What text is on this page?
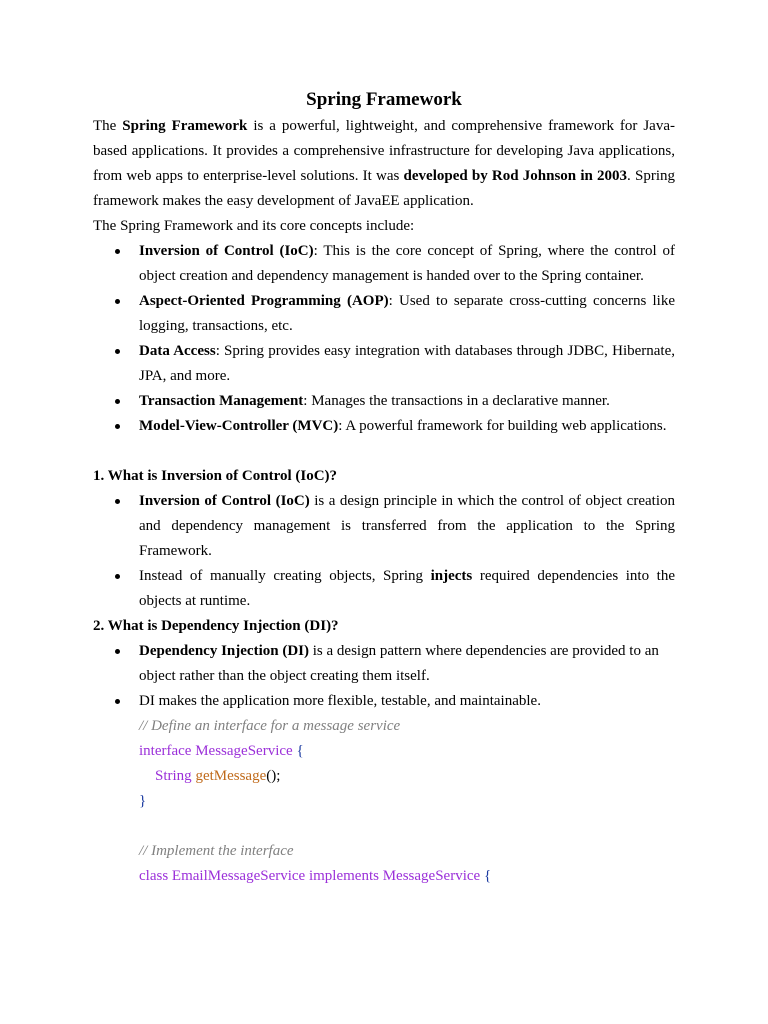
Spring Framework

The Spring Framework is a powerful, lightweight, and comprehensive framework for Java-based applications. It provides a comprehensive infrastructure for developing Java applications, from web apps to enterprise-level solutions. It was developed by Rod Johnson in 2003. Spring framework makes the easy development of JavaEE application.

The Spring Framework and its core concepts include:

Inversion of Control (IoC): This is the core concept of Spring, where the control of object creation and dependency management is handed over to the Spring container.
Aspect-Oriented Programming (AOP): Used to separate cross-cutting concerns like logging, transactions, etc.
Data Access: Spring provides easy integration with databases through JDBC, Hibernate, JPA, and more.
Transaction Management: Manages the transactions in a declarative manner.
Model-View-Controller (MVC): A powerful framework for building web applications.
1. What is Inversion of Control (IoC)?
Inversion of Control (IoC) is a design principle in which the control of object creation and dependency management is transferred from the application to the Spring Framework.
Instead of manually creating objects, Spring injects required dependencies into the objects at runtime.
2. What is Dependency Injection (DI)?
Dependency Injection (DI) is a design pattern where dependencies are provided to an object rather than the object creating them itself.
DI makes the application more flexible, testable, and maintainable.
// Define an interface for a message service
interface MessageService {
String getMessage();
}

// Implement the interface
class EmailMessageService implements MessageService {
